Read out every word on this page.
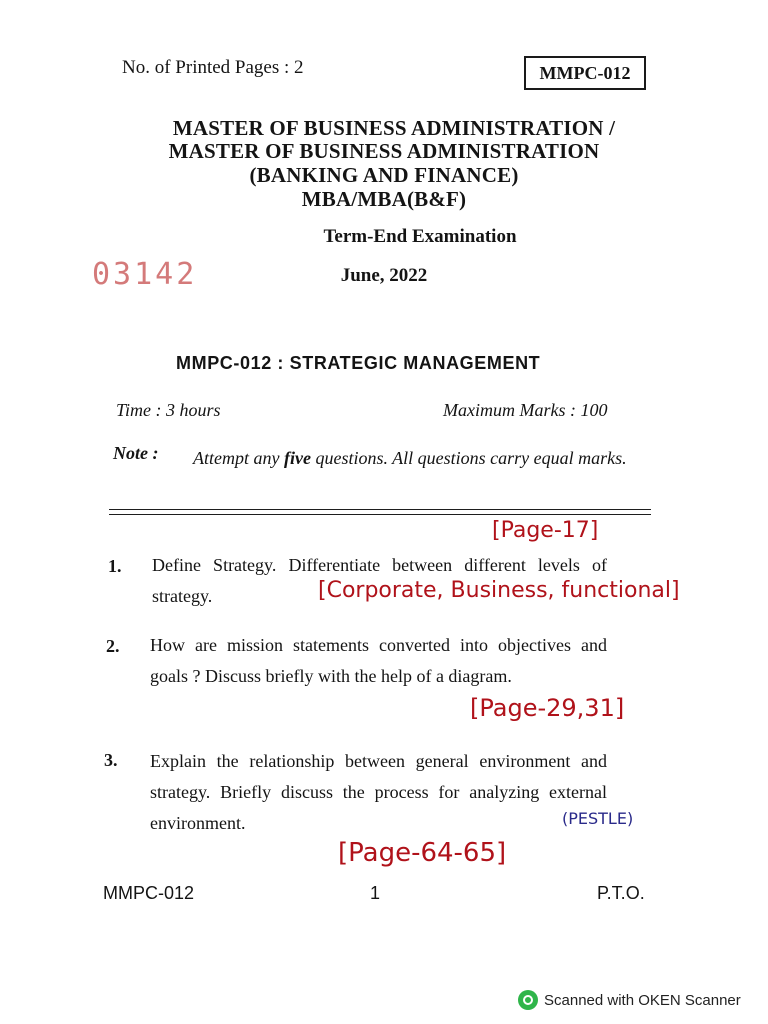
No. of Printed Pages : 2	MMPC-012
MASTER OF BUSINESS ADMINISTRATION /
MASTER OF BUSINESS ADMINISTRATION
(BANKING AND FINANCE)
MBA/MBA(B&F)
Term-End Examination
June, 2022
03142
MMPC-012 : STRATEGIC MANAGEMENT
Time : 3 hours	Maximum Marks : 100
Note : Attempt any five questions. All questions carry equal marks.
1. Define Strategy. Differentiate between different levels of strategy.
2. How are mission statements converted into objectives and goals ? Discuss briefly with the help of a diagram.
3. Explain the relationship between general environment and strategy. Briefly discuss the process for analyzing external environment.
[Page-17]
[Corporate, Business, functional]
[Page-29,31]
(PESTLE)
[Page-64-65]
MMPC-012	1	P.T.O.
Scanned with OKEN Scanner
